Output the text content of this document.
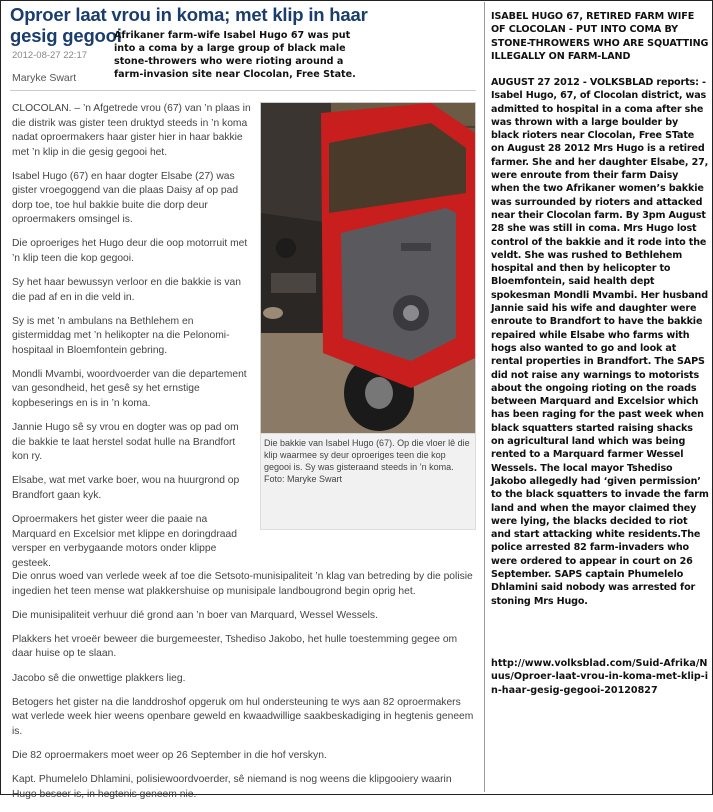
Oproer laat vrou in koma; met klip in haar gesig gegooi
2012-08-27 22:17
Maryke Swart
Afrikaner farm-wife Isabel Hugo 67 was put into a coma by a large group of black male stone-throwers who were rioting around a farm-invasion site near Clocolan, Free State.

CLOCOLAN. – ’n Afgetrede vrou (67) van ’n plaas in die distrik was gister teen druktyd steeds in ’n koma nadat oproermakers haar gister hier in haar bakkie met ’n klip in die gesig gegooi het.

Isabel Hugo (67) en haar dogter Elsabe (27) was gister vroegoggend van die plaas Daisy af op pad dorp toe, toe hul bakkie buite die dorp deur oproermakers omsingel is.

Die oproeriges het Hugo deur die oop motorruit met ’n klip teen die kop gegooi.

Sy het haar bewussyn verloor en die bakkie is van die pad af en in die veld in.

Sy is met ’n ambulans na Bethlehem en gistermiddag met ’n helikopter na die Pelonomi-hospitaal in Bloemfontein gebring.

Mondli Mvambi, woordvoerder van die departement van gesondheid, het gesê sy het ernstige kopbeserings en is in ’n koma.

Jannie Hugo sê sy vrou en dogter was op pad om die bakkie te laat herstel sodat hulle na Brandfort kon ry.

Elsabe, wat met varke boer, wou na huurgrond op Brandfort gaan kyk.

Oproermakers het gister weer die paaie na Marquard en Excelsior met klippe en doringdraad versper en verbygaande motors onder klippe gesteek.

Die bakkie van Isabel Hugo (67). Op die vloer lê die klip waarmee sy deur oproeriges teen die kop gegooi is. Sy was gisteraand steeds in ’n koma. Foto: Maryke Swart

Die onrus woed van verlede week af toe die Setsoto-munisipaliteit ’n klag van betreding by die polisie ingedien het teen mense wat plakkershuise op munisipale landbougrond begin oprig het.

Die munisipaliteit verhuur dié grond aan ’n boer van Marquard, Wessel Wessels.

Plakkers het vroeër beweer die burgemeester, Tshediso Jakobo, het hulle toestemming gegee om daar huise op te slaan.

Jacobo sê die onwettige plakkers lieg.

Betogers het gister na die landdroshof opgeruk om hul ondersteuning te wys aan 82 oproermakers wat verlede week hier weens openbare geweld en kwaadwillige saakbeskadiging in hegtenis geneem is.

Die 82 oproermakers moet weer op 26 September in die hof verskyn.

Kapt. Phumelelo Dhlamini, polisiewoordvoerder, sê niemand is nog weens die klipgooiery waarin Hugo beseer is, in hegtenis geneem nie.

ISABEL HUGO 67, RETIRED FARM WIFE OF CLOCOLAN - PUT INTO COMA BY STONE-THROWERS WHO ARE SQUATTING ILLEGALLY ON FARM-LAND
AUGUST 27 2012 - VOLKSBLAD reports: - Isabel Hugo, 67, of Clocolan district, was admitted to hospital in a coma after she was thrown with a large boulder by black rioters near Clocolan, Free STate on August 28 2012 Mrs Hugo is a retired farmer. She and her daughter Elsabe, 27, were enroute from their farm Daisy when the two Afrikaner women’s bakkie was surrounded by rioters and attacked near their Clocolan farm. By 3pm August 28 she was still in coma. Mrs Hugo lost control of the bakkie and it rode into the veldt. She was rushed to Bethlehem hospital and then by helicopter to Bloemfontein, said health dept spokesman Mondli Mvambi. Her husband Jannie said his wife and daughter were enroute to Brandfort to have the bakkie repaired while Elsabe who farms with hogs also wanted to go and look at rental properties in Brandfort. The SAPS did not raise any warnings to motorists about the ongoing rioting on the roads between Marquard and Excelsior which has been raging for the past week when black squatters started raising shacks on agricultural land which was being rented to a Marquard farmer Wessel Wessels. The local mayor Tshediso Jakobo allegedly had ‘given permission’ to the black squatters to invade the farm land and when the mayor claimed they were lying, the blacks decided to riot and start attacking white residents.The police arrested 82 farm-invaders who were ordered to appear in court on 26 September. SAPS captain Phumelelo Dhlamini said nobody was arrested for stoning Mrs Hugo.
http://www.volksblad.com/Suid-Afrika/Nuus/Oproer-laat-vrou-in-koma-met-klip-in-haar-gesig-gegooi-20120827
